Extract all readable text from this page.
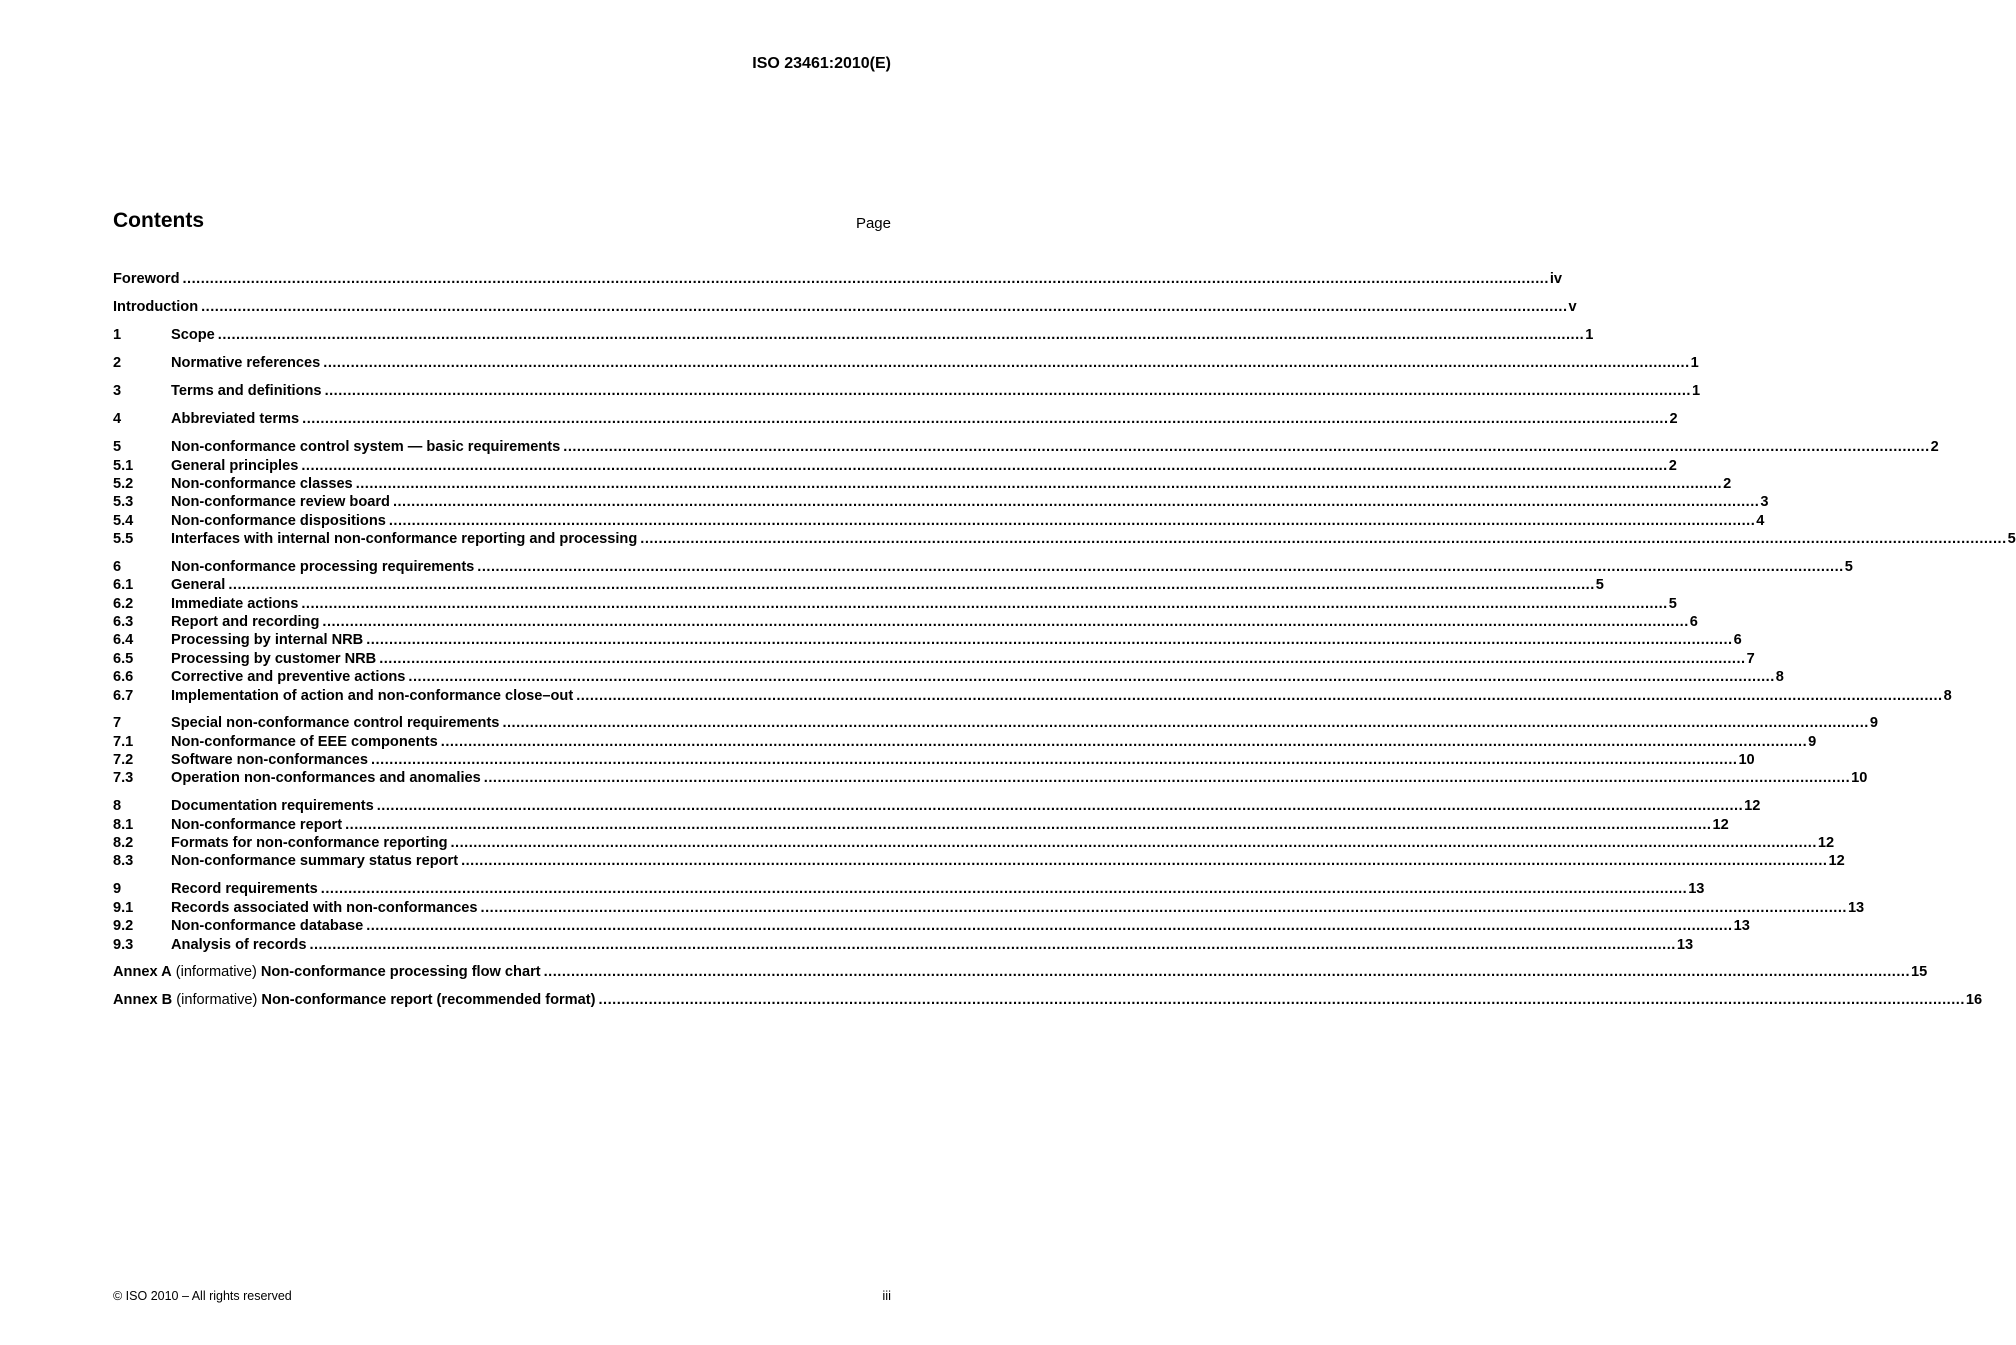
ISO 23461:2010(E)
Contents	Page
Foreword ............................................................................................................................................................................................................................................................................................................ iv
Introduction ............................................................................................................................................................................................................................................................................................................ v
1	Scope ............................................................................................................................................................................................................................................................................................................ 1
2	Normative references ............................................................................................................................................................................................................................................................................................................ 1
3	Terms and definitions ............................................................................................................................................................................................................................................................................................................ 1
4	Abbreviated terms ............................................................................................................................................................................................................................................................................................................ 2
5	Non-conformance control system — basic requirements ............................................................................................................................................................................................................................................................................................................ 2
5.1	General principles ............................................................................................................................................................................................................................................................................................................ 2
5.2	Non-conformance classes ............................................................................................................................................................................................................................................................................................................ 2
5.3	Non-conformance review board ............................................................................................................................................................................................................................................................................................................ 3
5.4	Non-conformance dispositions ............................................................................................................................................................................................................................................................................................................ 4
5.5	Interfaces with internal non-conformance reporting and processing ............................................................................................................................................................................................................................................................................................................ 5
6	Non-conformance processing requirements ............................................................................................................................................................................................................................................................................................................ 5
6.1	General ............................................................................................................................................................................................................................................................................................................ 5
6.2	Immediate actions ............................................................................................................................................................................................................................................................................................................ 5
6.3	Report and recording ............................................................................................................................................................................................................................................................................................................ 6
6.4	Processing by internal NRB ............................................................................................................................................................................................................................................................................................................ 6
6.5	Processing by customer NRB ............................................................................................................................................................................................................................................................................................................ 7
6.6	Corrective and preventive actions ............................................................................................................................................................................................................................................................................................................ 8
6.7	Implementation of action and non-conformance close–out ............................................................................................................................................................................................................................................................................................................ 8
7	Special non-conformance control requirements ............................................................................................................................................................................................................................................................................................................ 9
7.1	Non-conformance of EEE components ............................................................................................................................................................................................................................................................................................................ 9
7.2	Software non-conformances ............................................................................................................................................................................................................................................................................................................ 10
7.3	Operation non-conformances and anomalies ............................................................................................................................................................................................................................................................................................................ 10
8	Documentation requirements ............................................................................................................................................................................................................................................................................................................ 12
8.1	Non-conformance report ............................................................................................................................................................................................................................................................................................................ 12
8.2	Formats for non-conformance reporting ............................................................................................................................................................................................................................................................................................................ 12
8.3	Non-conformance summary status report ............................................................................................................................................................................................................................................................................................................ 12
9	Record requirements ............................................................................................................................................................................................................................................................................................................ 13
9.1	Records associated with non-conformances ............................................................................................................................................................................................................................................................................................................ 13
9.2	Non-conformance database ............................................................................................................................................................................................................................................................................................................ 13
9.3	Analysis of records ............................................................................................................................................................................................................................................................................................................ 13
Annex A (informative) Non-conformance processing flow chart ............................................................................................................................................................................................................................................................................................................ 15
Annex B (informative) Non-conformance report (recommended format) ............................................................................................................................................................................................................................................................................................................ 16
© ISO 2010 – All rights reserved	iii
